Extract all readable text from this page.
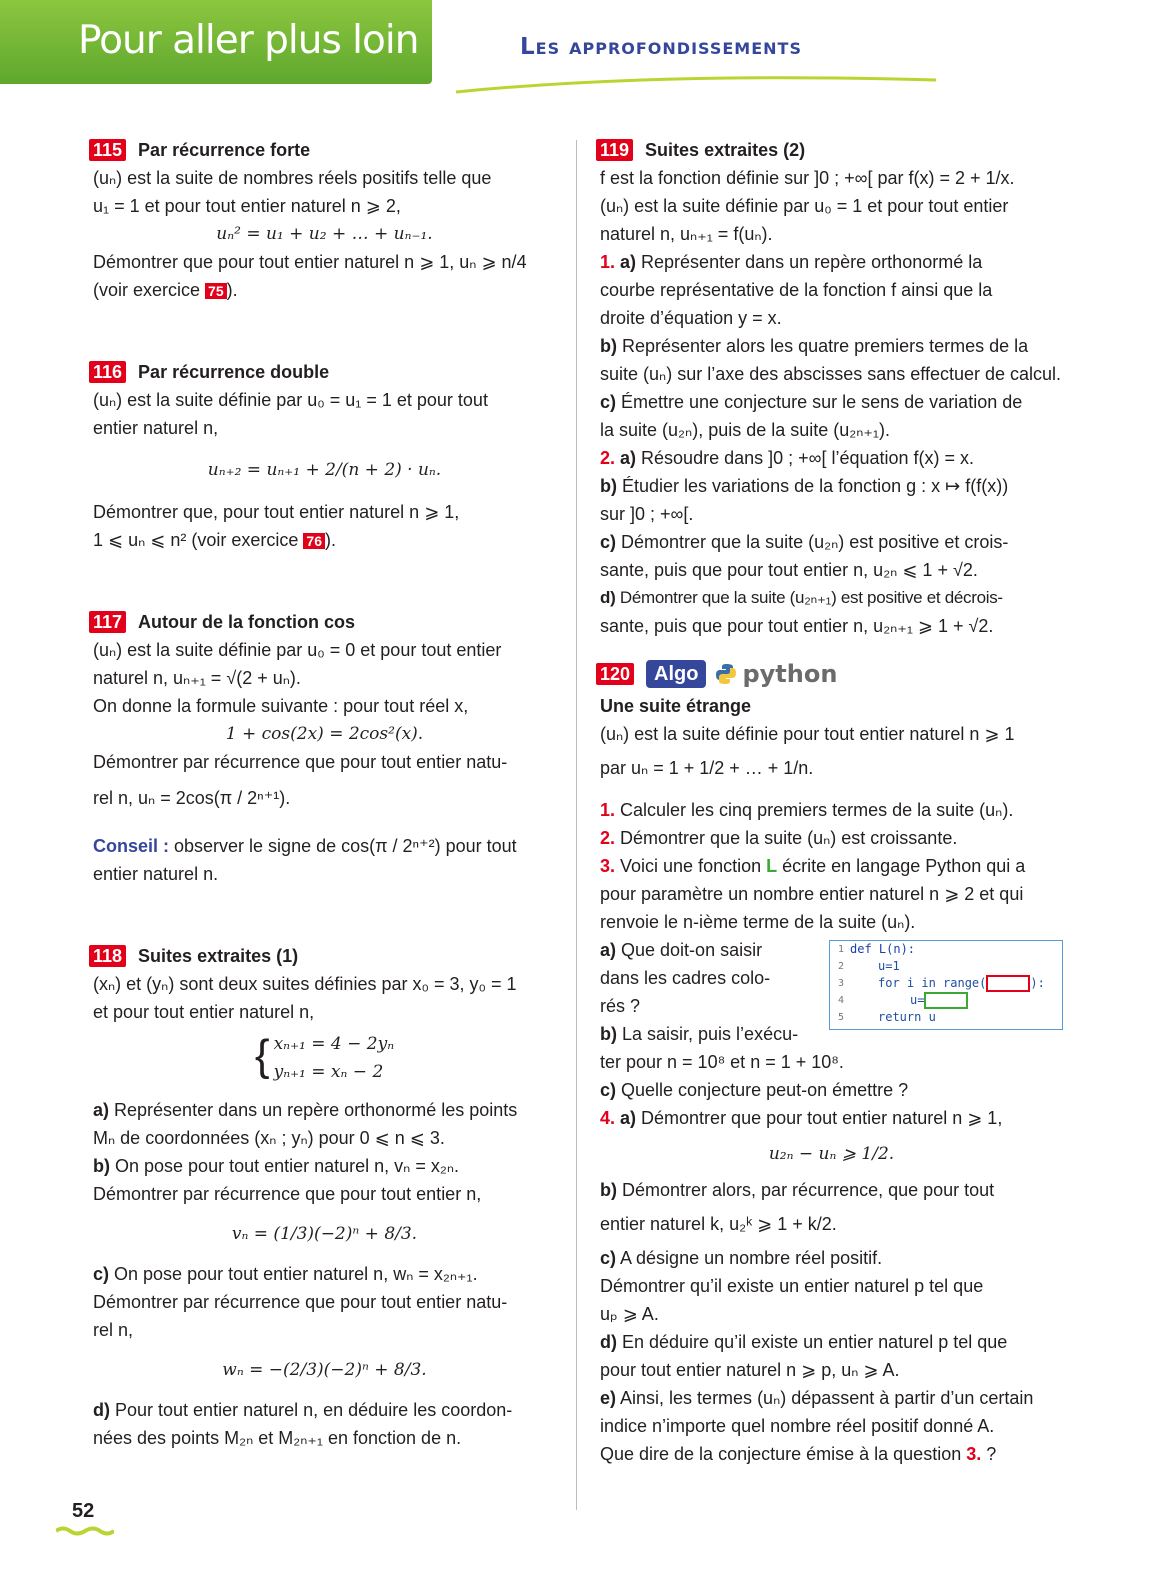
Pour aller plus loin	Les approfondissements
115 Par récurrence forte

(uₙ) est la suite de nombres réels positifs telle que

u₁ = 1 et pour tout entier naturel n ⩾ 2,

uₙ² = u₁ + u₂ + … + uₙ₋₁.

Démontrer que pour tout entier naturel n ⩾ 1, uₙ ⩾ n/4

(voir exercice 75 ).

116 Par récurrence double

(uₙ) est la suite définie par u₀ = u₁ = 1 et pour tout

entier naturel n,

uₙ₊₂ = uₙ₊₁ + 2/(n + 2) · uₙ.

Démontrer que, pour tout entier naturel n ⩾ 1,

1 ⩽ uₙ ⩽ n² (voir exercice 76 ).

117 Autour de la fonction cos

(uₙ) est la suite définie par u₀ = 0 et pour tout entier

naturel n, uₙ₊₁ = √(2 + uₙ).

On donne la formule suivante : pour tout réel x,

1 + cos(2x) = 2cos²(x).

Démontrer par récurrence que pour tout entier natu-

rel n, uₙ = 2cos(π / 2ⁿ⁺¹).

Conseil : observer le signe de cos(π / 2ⁿ⁺²) pour tout

entier naturel n.

118 Suites extraites (1)

(xₙ) et (yₙ) sont deux suites définies par x₀ = 3, y₀ = 1

et pour tout entier naturel n,

{ xₙ₊₁ = 4 − 2yₙ

yₙ₊₁ = xₙ − 2

a) Représenter dans un repère orthonormé les points

Mₙ de coordonnées (xₙ ; yₙ) pour 0 ⩽ n ⩽ 3.

b) On pose pour tout entier naturel n, vₙ = x₂ₙ.

Démontrer par récurrence que pour tout entier n,

vₙ = (1/3)(−2)ⁿ + 8/3.

c) On pose pour tout entier naturel n, wₙ = x₂ₙ₊₁.

Démontrer par récurrence que pour tout entier natu-

rel n,

wₙ = −(2/3)(−2)ⁿ + 8/3.

d) Pour tout entier naturel n, en déduire les coordon-

nées des points M₂ₙ et M₂ₙ₊₁ en fonction de n.

119 Suites extraites (2)

f est la fonction définie sur ]0 ; +∞[ par f(x) = 2 + 1/x.

(uₙ) est la suite définie par u₀ = 1 et pour tout entier

naturel n, uₙ₊₁ = f(uₙ).

1. a) Représenter dans un repère orthonormé la

courbe représentative de la fonction f ainsi que la

droite d’équation y = x.

b) Représenter alors les quatre premiers termes de la

suite (uₙ) sur l’axe des abscisses sans effectuer de calcul.

c) Émettre une conjecture sur le sens de variation de

la suite (u₂ₙ), puis de la suite (u₂ₙ₊₁).

2. a) Résoudre dans ]0 ; +∞[ l’équation f(x) = x.

b) Étudier les variations de la fonction g : x ↦ f(f(x))

sur ]0 ; +∞[.

c) Démontrer que la suite (u₂ₙ) est positive et crois-

sante, puis que pour tout entier n, u₂ₙ ⩽ 1 + √2.

d) Démontrer que la suite (u₂ₙ₊₁) est positive et décrois-

sante, puis que pour tout entier n, u₂ₙ₊₁ ⩾ 1 + √2.

120	Algo	python

Une suite étrange

(uₙ) est la suite définie pour tout entier naturel n ⩾ 1

par uₙ = 1 + 1/2 + … + 1/n.

1. Calculer les cinq premiers termes de la suite (uₙ).

2. Démontrer que la suite (uₙ) est croissante.

3. Voici une fonction L écrite en langage Python qui a

pour paramètre un nombre entier naturel n ⩾ 2 et qui

renvoie le n-ième terme de la suite (uₙ).

1 def L(n):
2	u=1
3	for i in range(	):
4	u=
5	return u

a) Que doit-on saisir

dans les cadres colo-

rés ?

b) La saisir, puis l’exécu-

ter pour n = 10⁸ et n = 1 + 10⁸.

c) Quelle conjecture peut-on émettre ?

4. a) Démontrer que pour tout entier naturel n ⩾ 1,

u₂ₙ − uₙ ⩾ 1/2.

b) Démontrer alors, par récurrence, que pour tout

entier naturel k, u₂ᵏ ⩾ 1 + k/2.

c) A désigne un nombre réel positif.

Démontrer qu’il existe un entier naturel p tel que

uₚ ⩾ A.

d) En déduire qu’il existe un entier naturel p tel que

pour tout entier naturel n ⩾ p, uₙ ⩾ A.

e) Ainsi, les termes (uₙ) dépassent à partir d’un certain

indice n’importe quel nombre réel positif donné A.

Que dire de la conjecture émise à la question 3. ?

52
